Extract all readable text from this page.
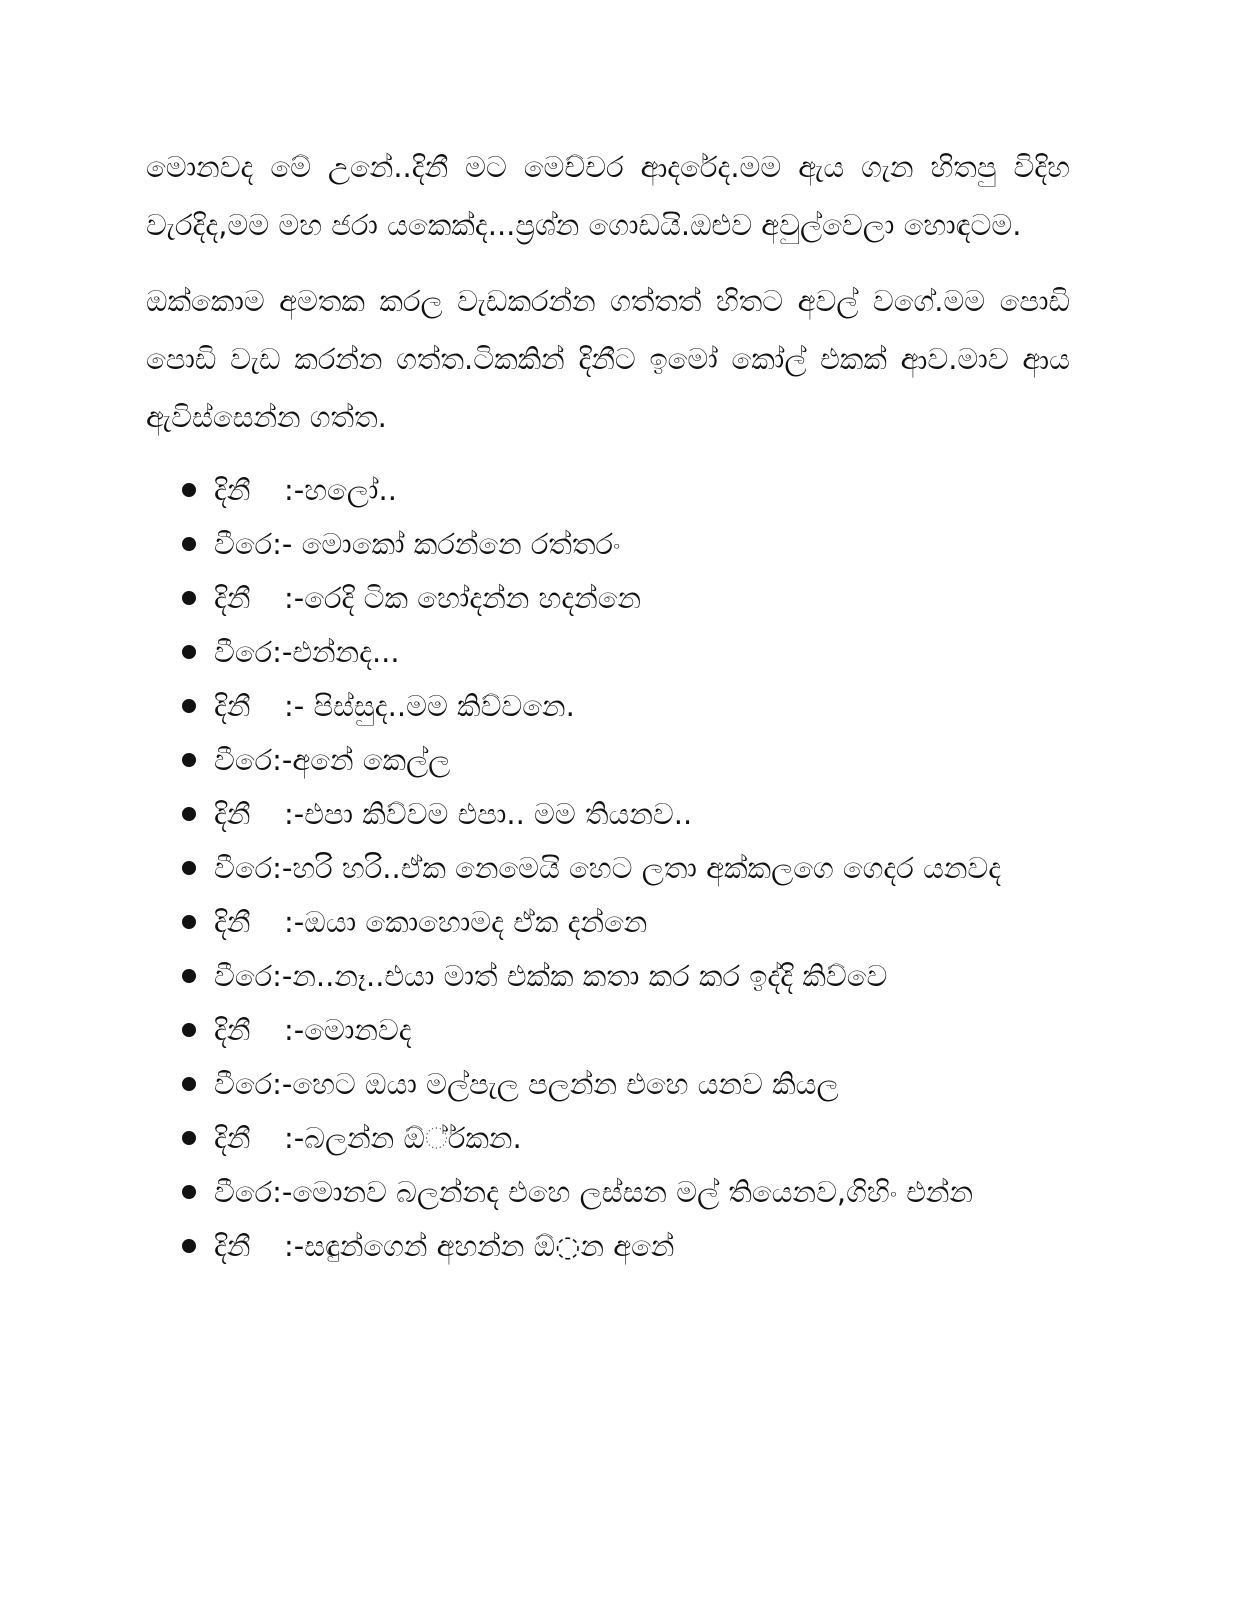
මොනවද මේ උනේ..දිනී මට මෙච්චර ආදරේද.මම ඇය ගැන හිතපු විදිහ වැරදිද,මම මහ ජරා යකෙක්ද...ප්‍රශ්න ගොඩයි.ඔළුව අවුල්වෙලා හොඳටම.

ඔක්කොම අමතක කරල වැඩකරන්න ගත්තත් හිතට අවල් වගේ.මම පොඩි පොඩි වැඩ කරන්න ගත්ත.ටිකකින් දිනීට ඉමෝ කෝල් එකක් ආව.මාව ආය ඇවිස්සෙන්න ගත්ත.

දිනී :-හලෝ..
වීරෙ:- මොකෝ කරන්නෙ රත්තරං
දිනී :-රෙදි ටික හෝදන්න හදන්නෙ
වීරෙ:-එන්නද...
දිනී :- පිස්සුද..මම කිව්වනෙ.
වීරෙ:-අනේ කෙල්ල
දිනී :-එපා කිව්වම එපා.. මම තියනව..
වීරෙ:-හරි හරි..ඒක නෙමෙයි හෙට ලතා අක්කලගෙ ගෙදර යනවද
දිනී :-ඔයා කොහොමද ඒක දන්නෙ
වීරෙ:-න..නෑ..එයා මාත් එක්ක කතා කර කර ඉද්දි කිව්වෙ
දිනී :-මොනවද
වීරෙ:-හෙට ඔයා මල්පැල පලන්න එහෙ යනව කියල
දිනී :-බලන්න ඕ◌්ර්කන.
වීරෙ:-මොනව බලන්නද එහෙ ලස්සන මල් තියෙනව,ගිහිං එන්න
දිනී :-සඳුන්ගෙන් අහන්න ඕ◌න අනේ
